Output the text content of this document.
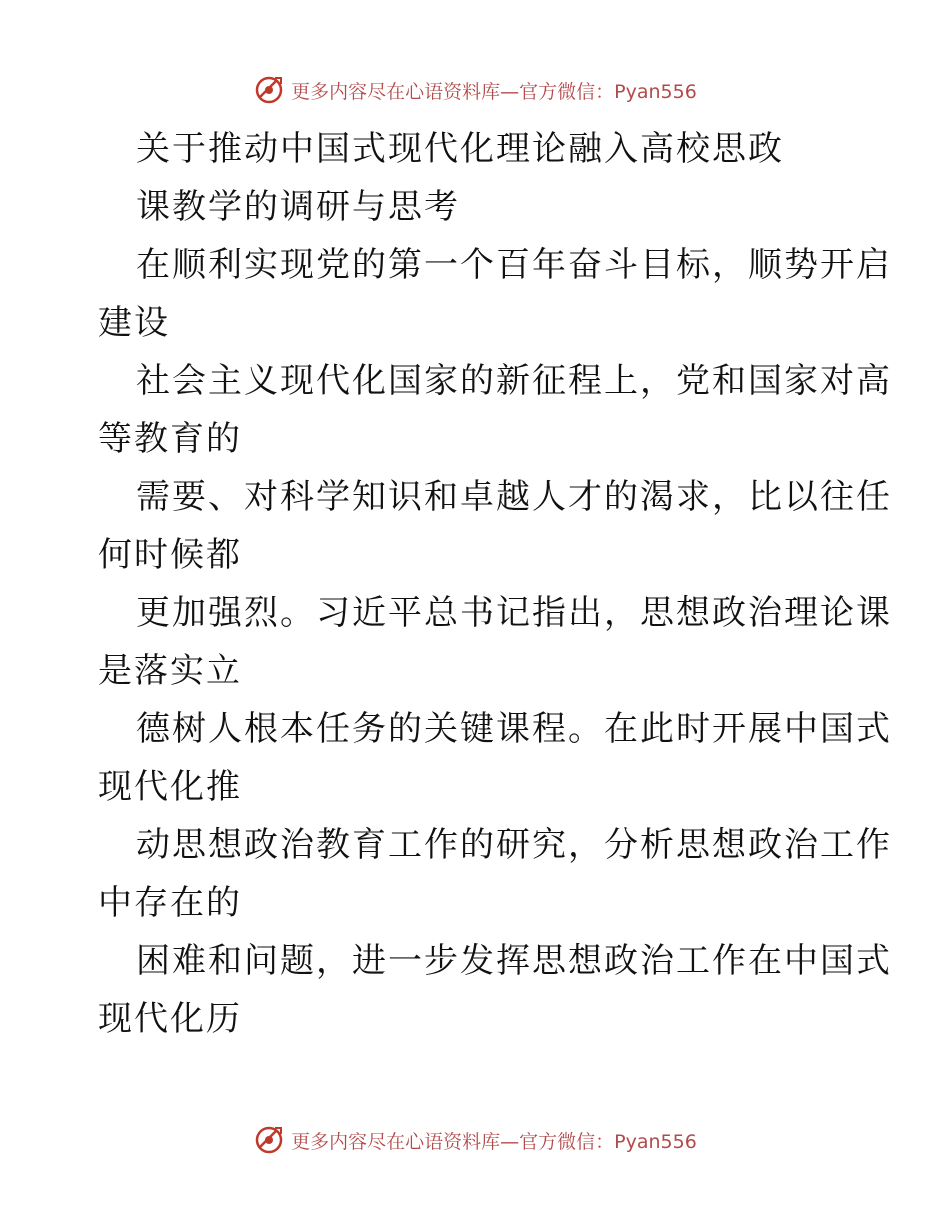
更多内容尽在心语资料库—官方微信：Pyan556
关于推动中国式现代化理论融入高校思政
课教学的调研与思考
在顺利实现党的第一个百年奋斗目标，顺势开启
建设
社会主义现代化国家的新征程上，党和国家对高
等教育的
需要、对科学知识和卓越人才的渴求，比以往任
何时候都
更加强烈。习近平总书记指出，思想政治理论课
是落实立
德树人根本任务的关键课程。在此时开展中国式
现代化推
动思想政治教育工作的研究，分析思想政治工作
中存在的
困难和问题，进一步发挥思想政治工作在中国式
现代化历
更多内容尽在心语资料库—官方微信：Pyan556
